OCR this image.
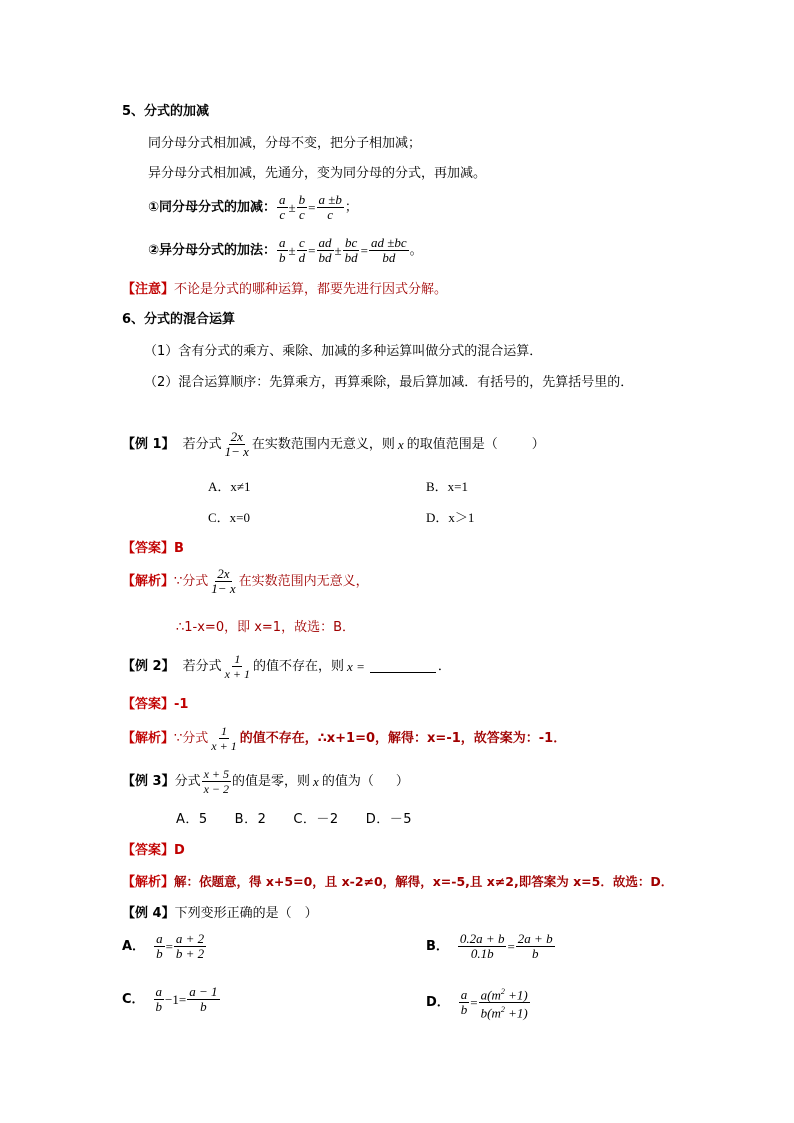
5、分式的加减
同分母分式相加减，分母不变，把分子相加减；
异分母分式相加减，先通分，变为同分母的分式，再加减。
①同分母分式的加减： $\frac{a}{c} \pm \frac{b}{c} = \frac{a \pm b}{c}$ ；
②异分母分式的加法： $\frac{a}{b} \pm \frac{c}{d} = \frac{ad}{bd} \pm \frac{bc}{bd} = \frac{ad \pm bc}{bd}$ 。
【注意】不论是分式的哪种运算，都要先进行因式分解。
6、分式的混合运算
（1）含有分式的乘方、乘除、加减的多种运算叫做分式的混合运算．
（2）混合运算顺序：先算乘方，再算乘除，最后算加减．有括号的，先算括号里的．
【例 1】 若分式 $\frac{2x}{1- x}$ 在实数范围内无意义，则 x 的取值范围是（	）
A．x≠1	B．x=1
C．x=0	D．x＞1
【答案】B
【解析】 ∵分式 $\frac{2x}{1- x}$ 在实数范围内无意义，
∴1-x=0，即 x=1，故选：B．
【例 2】 若分式 $\frac{1}{x + 1}$ 的值不存在，则 x =	．
【答案】-1
【解析】 ∵分式 $\frac{1}{x + 1}$ 的值不存在，∴x+1=0，解得：x=-1，故答案为：-1．
【例 3】 分式 $\frac{x + 5}{x - 2}$ 的值是零，则 x 的值为（ ）
A．5　　B．2　　C．－2　　D．－5
【答案】D
【解析】解：依题意，得 x+5=0，且 x-2≠0，解得，x=-5,且 x≠2,即答案为 x=5．故选：D．
【例 4】下列变形正确的是（　）
A． $\frac{a}{b} = \frac{a + 2}{b + 2}$	B． $\frac{0.2a + b}{0.1b} = \frac{2a + b}{b}$
C． $\frac{a}{b} -1= \frac{a - 1}{b}$	D． $\frac{a}{b} = \frac{a(m^2 +1)}{b(m^2 +1)}$
